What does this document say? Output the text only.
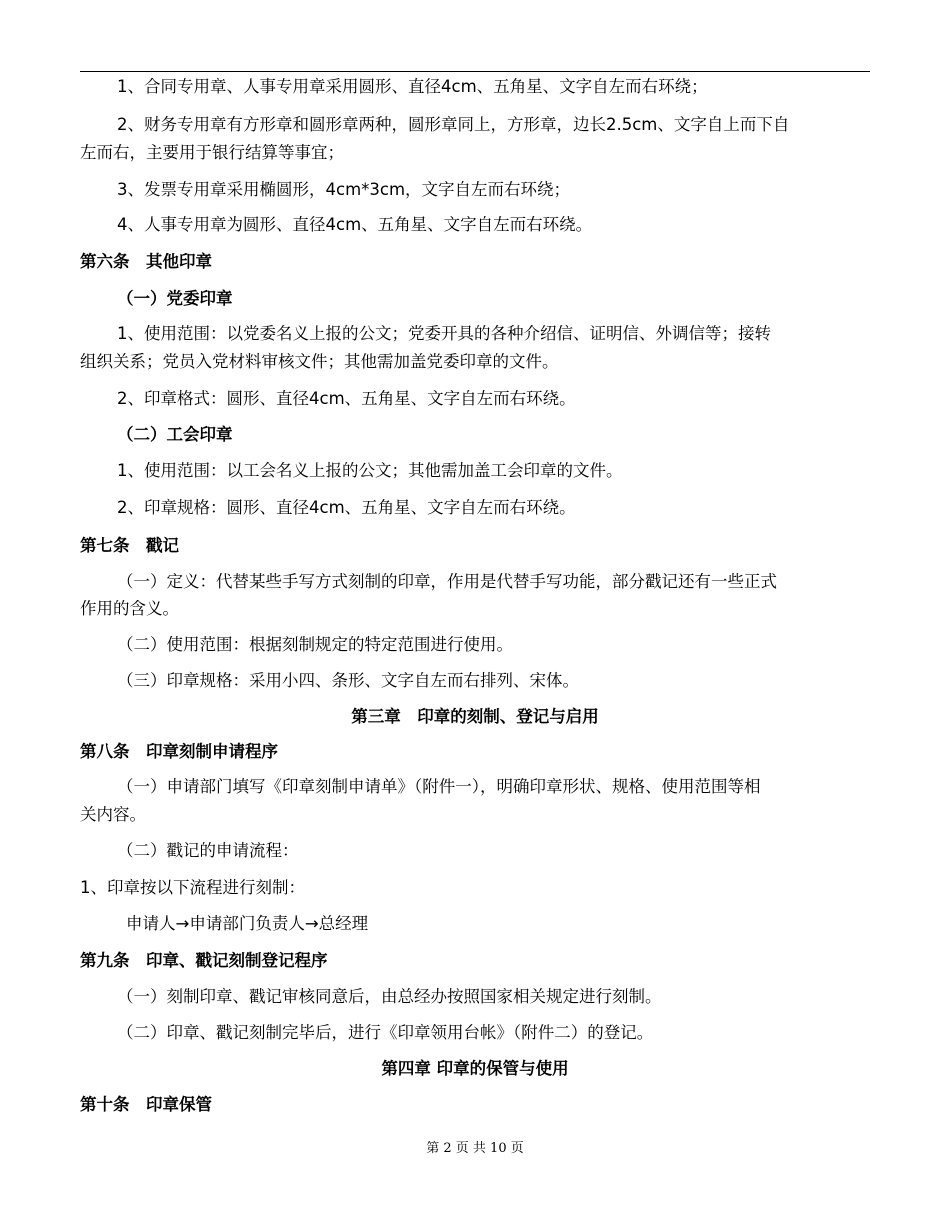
1、合同专用章、人事专用章采用圆形、直径4cm、五角星、文字自左而右环绕；
2、财务专用章有方形章和圆形章两种，圆形章同上，方形章，边长2.5cm、文字自上而下自
左而右，主要用于银行结算等事宜；
3、发票专用章采用椭圆形，4cm*3cm，文字自左而右环绕；
4、人事专用章为圆形、直径4cm、五角星、文字自左而右环绕。
第六条　其他印章
（一）党委印章
1、使用范围：以党委名义上报的公文；党委开具的各种介绍信、证明信、外调信等；接转
组织关系；党员入党材料审核文件；其他需加盖党委印章的文件。
2、印章格式：圆形、直径4cm、五角星、文字自左而右环绕。
（二）工会印章
1、使用范围：以工会名义上报的公文；其他需加盖工会印章的文件。
2、印章规格：圆形、直径4cm、五角星、文字自左而右环绕。
第七条　戳记
（一）定义：代替某些手写方式刻制的印章，作用是代替手写功能，部分戳记还有一些正式
作用的含义。
（二）使用范围：根据刻制规定的特定范围进行使用。
（三）印章规格：采用小四、条形、文字自左而右排列、宋体。
第三章　印章的刻制、登记与启用
第八条　印章刻制申请程序
（一）申请部门填写《印章刻制申请单》（附件一），明确印章形状、规格、使用范围等相
关内容。
（二）戳记的申请流程：
1、印章按以下流程进行刻制：
申请人→申请部门负责人→总经理
第九条　印章、戳记刻制登记程序
（一）刻制印章、戳记审核同意后，由总经办按照国家相关规定进行刻制。
（二）印章、戳记刻制完毕后，进行《印章领用台帐》（附件二）的登记。
第四章 印章的保管与使用
第十条　印章保管
第 2 页 共 10 页
